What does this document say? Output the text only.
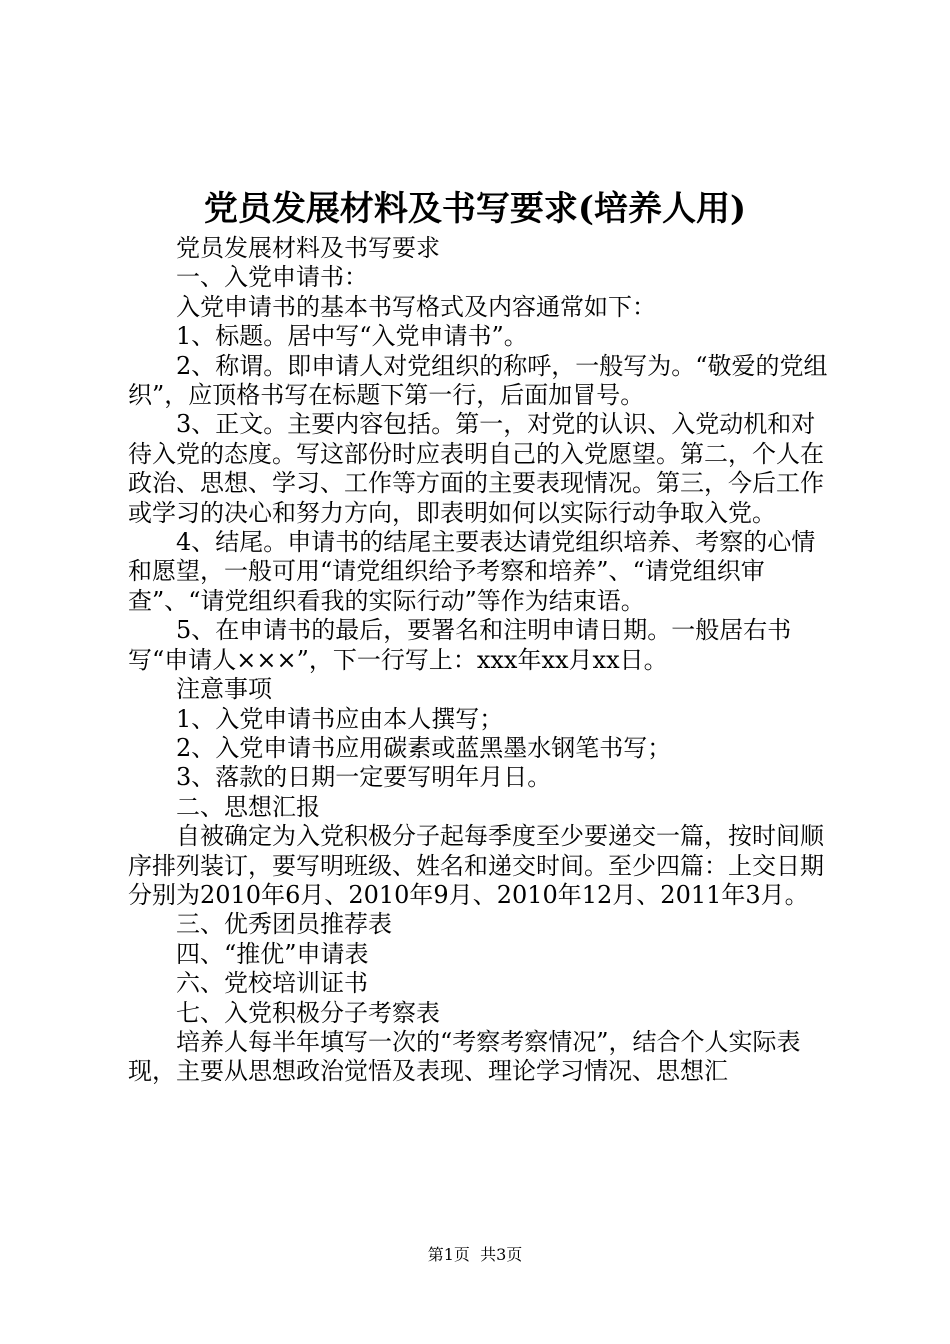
党员发展材料及书写要求(培养人用)

党员发展材料及书写要求

一、入党申请书：

入党申请书的基本书写格式及内容通常如下：

1、标题。居中写“入党申请书”。

2、称谓。即申请人对党组织的称呼，一般写为。“敬爱的党组织”，应顶格书写在标题下第一行，后面加冒号。

3、正文。主要内容包括。第一，对党的认识、入党动机和对待入党的态度。写这部份时应表明自己的入党愿望。第二，个人在政治、思想、学习、工作等方面的主要表现情况。第三，今后工作或学习的决心和努力方向，即表明如何以实际行动争取入党。

4、结尾。申请书的结尾主要表达请党组织培养、考察的心情和愿望，一般可用“请党组织给予考察和培养”、“请党组织审查”、“请党组织看我的实际行动”等作为结束语。

5、在申请书的最后，要署名和注明申请日期。一般居右书写“申请人×××”，下一行写上：xxx年xx月xx日。

注意事项

1、入党申请书应由本人撰写；

2、入党申请书应用碳素或蓝黑墨水钢笔书写；

3、落款的日期一定要写明年月日。

二、思想汇报

自被确定为入党积极分子起每季度至少要递交一篇，按时间顺序排列装订，要写明班级、姓名和递交时间。至少四篇：上交日期分别为2010年6月、2010年9月、2010年12月、2011年3月。

三、优秀团员推荐表

四、“推优”申请表

六、党校培训证书

七、入党积极分子考察表

培养人每半年填写一次的“考察考察情况”，结合个人实际表现，主要从思想政治觉悟及表现、理论学习情况、思想汇

第1页  共3页
